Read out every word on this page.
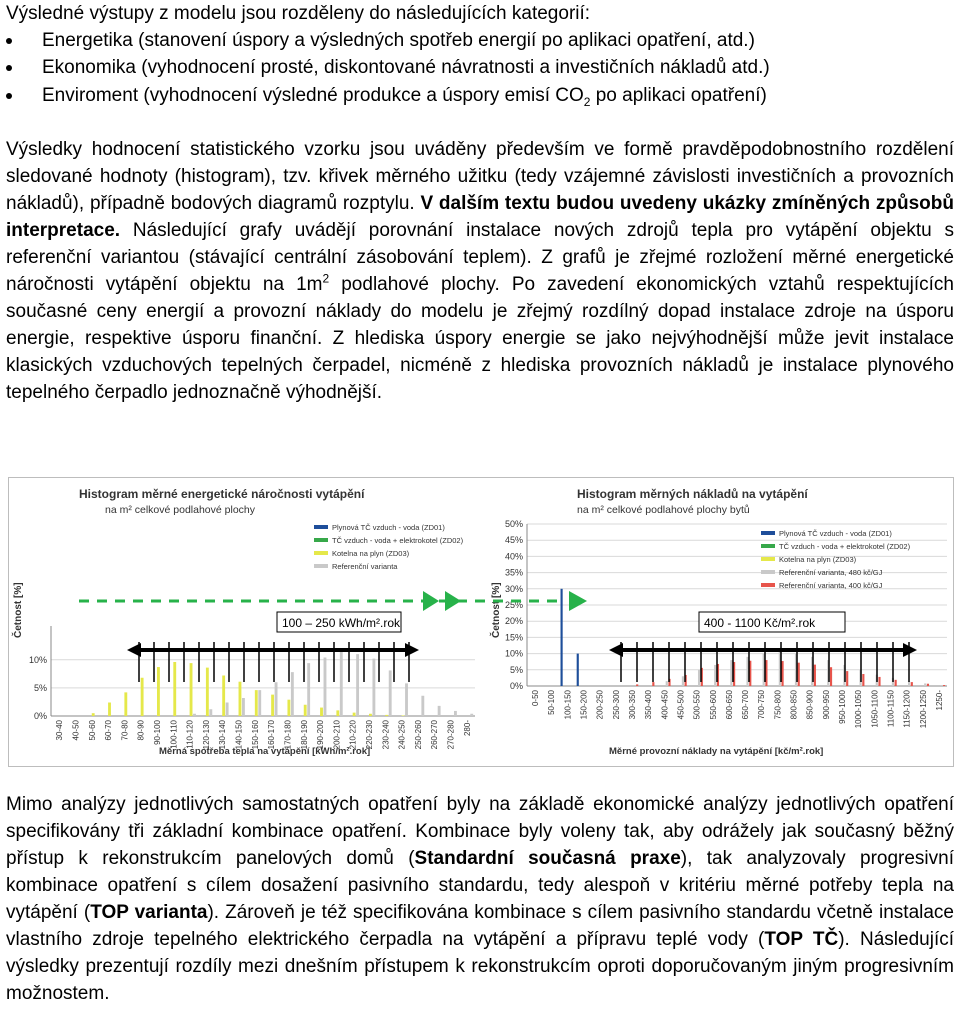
Výsledné výstupy z modelu jsou rozděleny do následujících kategorií:

Energetika (stanovení úspory a výsledných spotřeb energií po aplikaci opatření, atd.)
Ekonomika (vyhodnocení prosté, diskontované návratnosti a investičních nákladů atd.)
Enviroment (vyhodnocení výsledné produkce a úspory emisí $CO_2$ po aplikaci opatření)

Výsledky hodnocení statistického vzorku jsou uváděny především ve formě pravděpodobnostního rozdělení sledované hodnoty (histogram), tzv. křivek měrného užitku (tedy vzájemné závislosti investičních a provozních nákladů), případně bodových diagramů rozptylu. V dalším textu budou uvedeny ukázky zmíněných způsobů interpretace. Následující grafy uvádějí porovnání instalace nových zdrojů tepla pro vytápění objektu s referenční variantou (stávající centrální zásobování teplem). Z grafů je zřejmé rozložení měrné energetické náročnosti vytápění objektu na $1m^2$ podlahové plochy. Po zavedení ekonomických vztahů respektujících současné ceny energií a provozní náklady do modelu je zřejmý rozdílný dopad instalace zdroje na úsporu energie, respektive úsporu finanční. Z hlediska úspory energie se jako nejvýhodnější může jevit instalace klasických vzduchových tepelných čerpadel, nicméně z hlediska provozních nákladů je instalace plynového tepelného čerpadlo jednoznačně výhodnější.

Histogram měrné energetické náročnosti vytápění
na m² celkové podlahové plochy
Četnost [%]
Měrná spotřeba tepla na vytápění [kWh/m².rok]
0%
5%
10%
30-40 40-50 50-60 60-70 70-80 80-90 90-100 100-110 110-120 120-130 130-140 140-150 150-160 160-170 170-180 180-190 190-200 200-210 210-220 220-230 230-240 240-250 250-260 260-270 270-280 280-
Plynová TČ vzduch - voda (ZD01)
TČ vzduch - voda + elektrokotel (ZD02)
Kotelna na plyn (ZD03)
Referenční varianta
Histogram měrných nákladů na vytápění
na m² celkové podlahové plochy bytů
Četnost [%]
Měrné provozní náklady na vytápění [kč/m².rok]
0%
5%
10%
15%
20%
25%
30%
35%
40%
45%
50%
0-50 50-100 100-150 150-200 200-250 250-300 300-350 350-400 400-450 450-500 500-550 550-600 600-650 650-700 700-750 750-800 800-850 850-900 900-950 950-1000 1000-1050 1050-1100 1100-1150 1150-1200 1200-1250 1250-
Plynová TČ vzduch - voda (ZD01)
TČ vzduch - voda + elektrokotel (ZD02)
Kotelna na plyn (ZD03)
Referenční varianta, 480 kč/GJ
Referenční varianta, 400 kč/GJ
100 – 250 kWh/m².rok	400 - 1100 Kč/m².rok

Mimo analýzy jednotlivých samostatných opatření byly na základě ekonomické analýzy jednotlivých opatření specifikovány tři základní kombinace opatření. Kombinace byly voleny tak, aby odrážely jak současný běžný přístup k rekonstrukcím panelových domů (Standardní současná praxe), tak analyzovaly progresivní kombinace opatření s cílem dosažení pasivního standardu, tedy alespoň v kritériu měrné potřeby tepla na vytápění (TOP varianta). Zároveň je též specifikována kombinace s cílem pasivního standardu včetně instalace vlastního zdroje tepelného elektrického čerpadla na vytápění a přípravu teplé vody (TOP TČ). Následující výsledky prezentují rozdíly mezi dnešním přístupem k rekonstrukcím oproti doporučovaným jiným progresivním možnostem.
